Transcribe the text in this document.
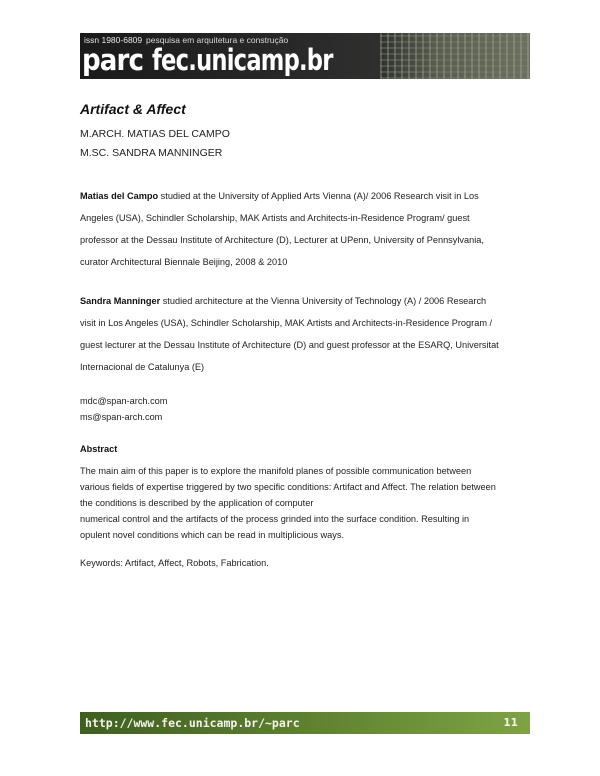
issn 1980-6809 pesquisa em arquitetura e construção
parc fec.unicamp.br
Artifact & Affect

M.ARCH. MATIAS DEL CAMPO

M.SC. SANDRA MANNINGER

Matias del Campo studied at the University of Applied Arts Vienna (A)/ 2006 Research visit in Los
Angeles (USA), Schindler Scholarship, MAK Artists and Architects-in-Residence Program/ guest
professor at the Dessau Institute of Architecture (D), Lecturer at UPenn, University of Pennsylvania,
curator Architectural Biennale Beijing, 2008 & 2010
Sandra Manninger studied architecture at the Vienna University of Technology (A) / 2006 Research
visit in Los Angeles (USA), Schindler Scholarship, MAK Artists and Architects-in-Residence Program /
guest lecturer at the Dessau Institute of Architecture (D) and guest professor at the ESARQ, Universitat
Internacional de Catalunya (E)
mdc@span-arch.com
ms@span-arch.com
Abstract
The main aim of this paper is to explore the manifold planes of possible communication between
various fields of expertise triggered by two specific conditions: Artifact and Affect. The relation between
the conditions is described by the application of computer
numerical control and the artifacts of the process grinded into the surface condition. Resulting in
opulent novel conditions which can be read in multiplicious ways.
Keywords: Artifact, Affect, Robots, Fabrication.
http://www.fec.unicamp.br/~parc	11
